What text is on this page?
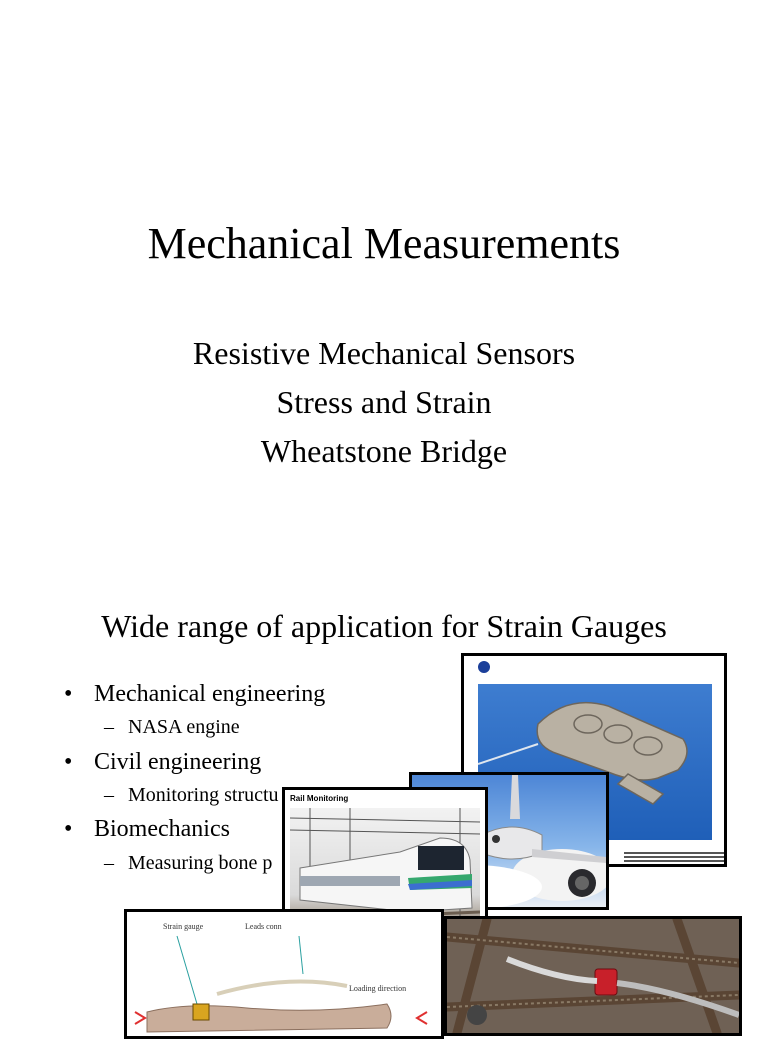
Mechanical Measurements
Resistive Mechanical Sensors
Stress and Strain
Wheatstone Bridge
Wide range of application for Strain Gauges
• Mechanical engineering
– NASA engine
• Civil engineering
– Monitoring structu
• Biomechanics
– Measuring bone p
Rail Monitoring
Strain gauge	Leads conn
Loading direction
